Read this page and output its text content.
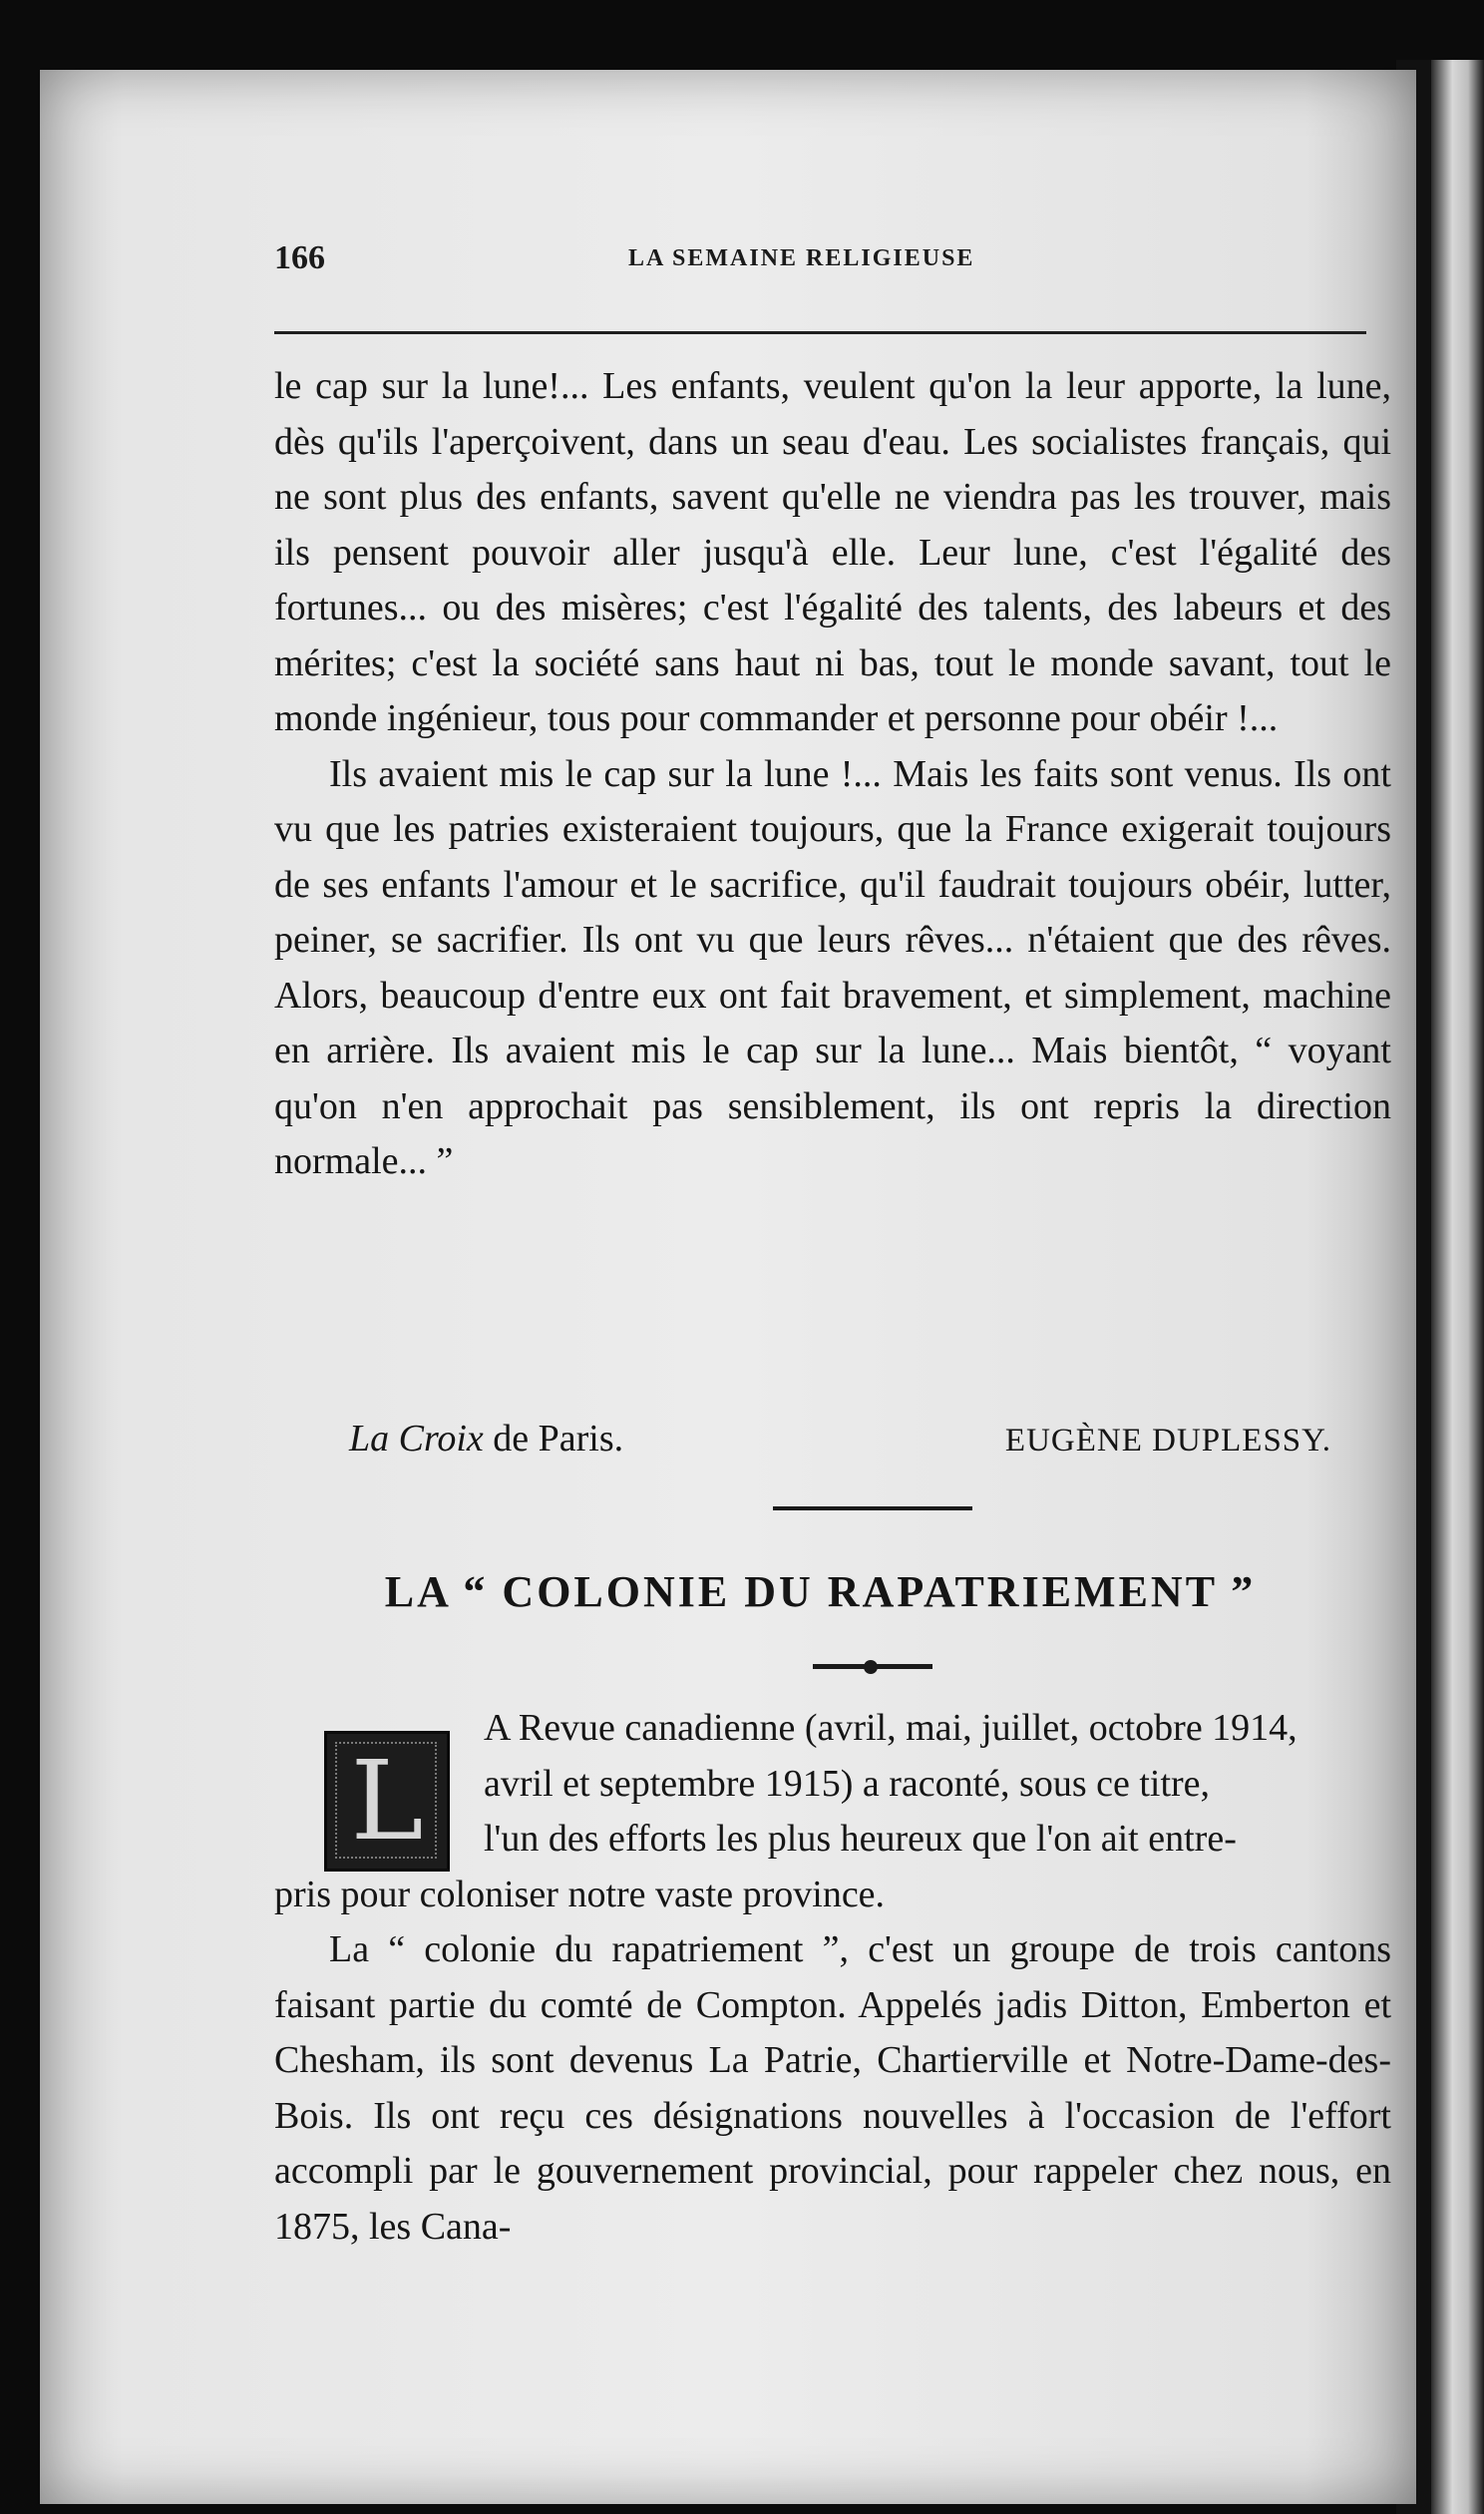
166	LA SEMAINE RELIGIEUSE

le cap sur la lune!... Les enfants, veulent qu'on la leur apporte, la lune, dès qu'ils l'aperçoivent, dans un seau d'eau. Les socialistes français, qui ne sont plus des enfants, savent qu'elle ne viendra pas les trouver, mais ils pensent pouvoir aller jusqu'à elle. Leur lune, c'est l'égalité des fortunes... ou des misères; c'est l'égalité des talents, des labeurs et des mérites; c'est la société sans haut ni bas, tout le monde savant, tout le monde ingénieur, tous pour commander et personne pour obéir !...

Ils avaient mis le cap sur la lune !... Mais les faits sont venus. Ils ont vu que les patries existeraient toujours, que la France exigerait toujours de ses enfants l'amour et le sacrifice, qu'il faudrait toujours obéir, lutter, peiner, se sacrifier. Ils ont vu que leurs rêves... n'étaient que des rêves. Alors, beaucoup d'entre eux ont fait bravement, et simplement, machine en arrière. Ils avaient mis le cap sur la lune... Mais bientôt, “ voyant qu'on n'en approchait pas sensiblement, ils ont repris la direction normale... ”

La Croix de Paris.	EUGÈNE DUPLESSY.
LA “ COLONIE DU RAPATRIEMENT ”
L
A Revue canadienne (avril, mai, juillet, octobre 1914,
avril et septembre 1915) a raconté, sous ce titre,
l'un des efforts les plus heureux que l'on ait entre-
pris pour coloniser notre vaste province.

La “ colonie du rapatriement ”, c'est un groupe de trois cantons faisant partie du comté de Compton. Appelés jadis Ditton, Emberton et Chesham, ils sont devenus La Patrie, Chartierville et Notre-Dame-des-Bois. Ils ont reçu ces désignations nouvelles à l'occasion de l'effort accompli par le gouvernement provincial, pour rappeler chez nous, en 1875, les Cana-
